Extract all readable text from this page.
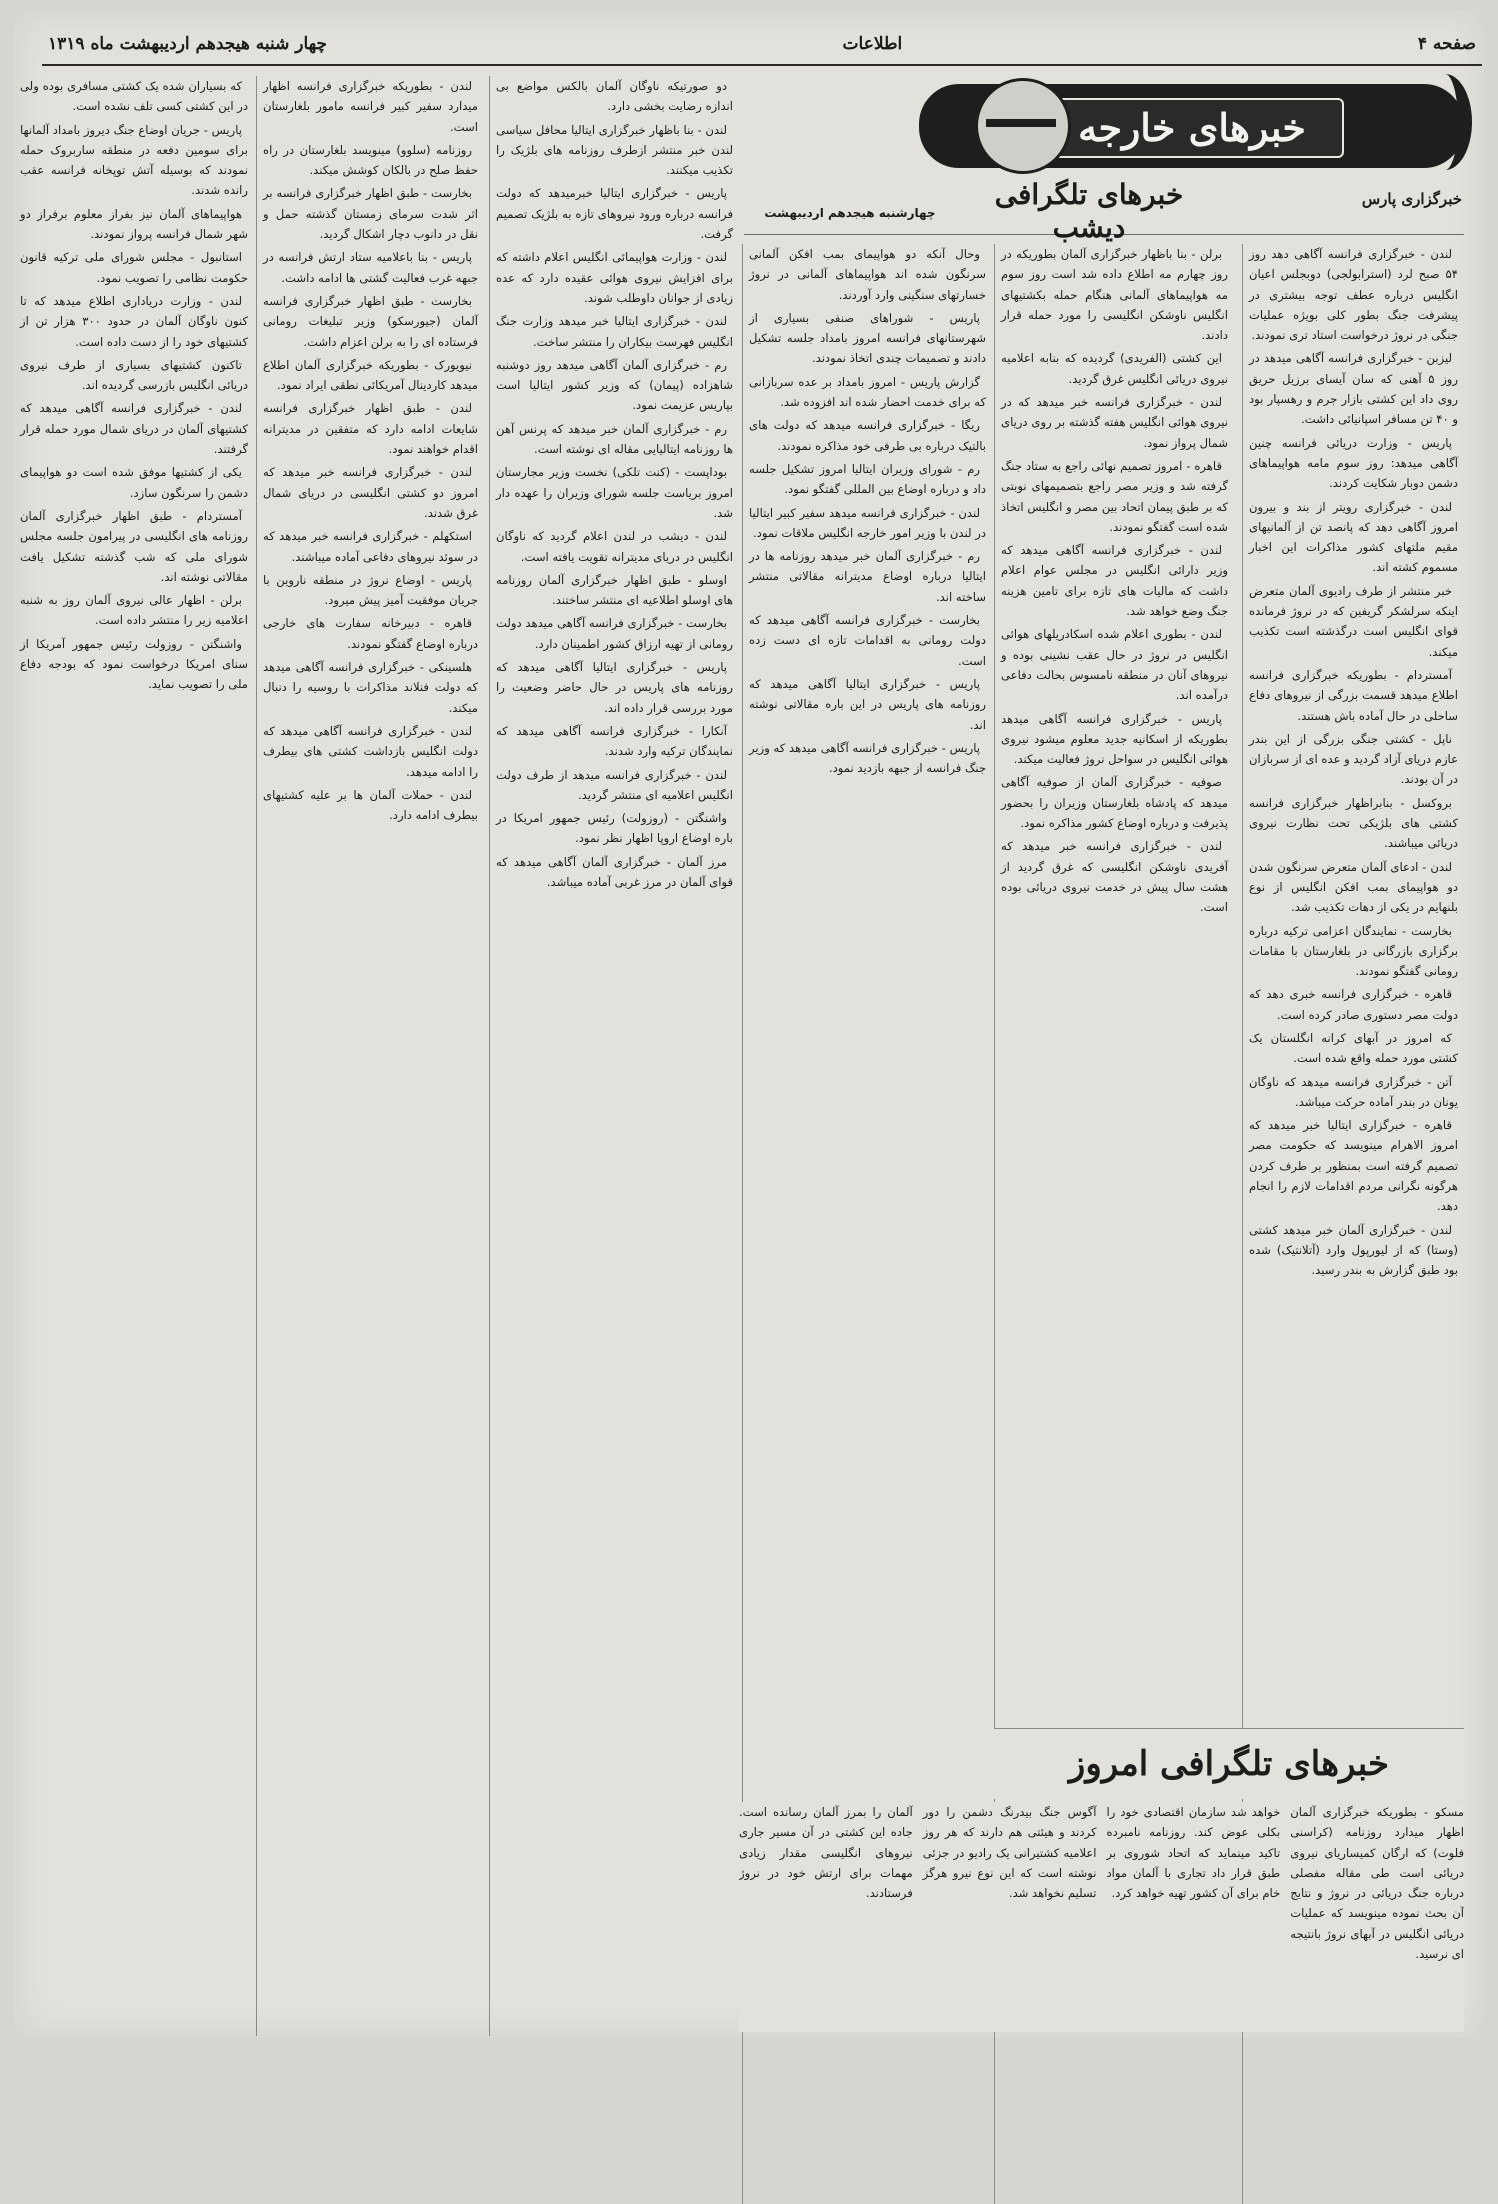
صفحه ۴
اطلاعات
چهار شنبه هیجدهم اردیبهشت ماه ۱۳۱۹
خبرهای خارجه
خبرگزاری پارس
خبرهای تلگرافی دیشب
چهارشنبه هیجدهم اردیبهشت

لندن - خبرگزاری فرانسه آگاهی دهد روز ۵۴ صبح لرد (استرابولجی) دوبجلس اعیان انگلیس درباره عطف توجه بیشتری در پیشرفت جنگ بطور کلی بویژه عملیات جنگی در نروژ درخواست استاد تری نمودند.

لیزبن - خبرگزاری فرانسه آگاهی میدهد در روز ۵ آهنی که سان آیسای برزیل حریق روی داد این کشتی بازار جرم و رهسپار بود و ۴۰ تن مسافر اسپانیائی داشت.

پاریس - وزارت دریائی فرانسه چنین آگاهی میدهد: روز سوم مامه هواپیماهای دشمن دوبار شکایت کردند.

لندن - خبرگزاری رویتر از بند و بیرون امروز آگاهی دهد که پانصد تن از آلمانیهای مقیم ملتهای کشور مذاکرات این اخبار مسموم کشته اند.

خبر منتشر از طرف راديوی آلمان متعرض اینکه سرلشکر گریفین که در نروژ فرمانده قوای انگلیس است درگذشته است تکذیب میکند.

آمستردام - بطوریکه خبرگزاری فرانسه اطلاع میدهد قسمت بزرگی از نیروهای دفاع ساحلی در حال آماده باش هستند.

ناپل - کشتی جنگی بزرگی از این بندر عازم دریای آزاد گردید و عده ای از سربازان در آن بودند.

بروکسل - بنابراظهار خبرگزاری فرانسه کشتی های بلژیکی تحت نظارت نیروی دریائی میباشند.

لندن - ادعای آلمان متعرض سرنگون شدن دو هواپیمای بمب افکن انگلیس از نوع بلنهایم در یکی از دهات تکذیب شد.

بخارست - نمایندگان اعزامی ترکیه درباره برگزاری بازرگانی در بلغارستان با مقامات رومانی گفتگو نمودند.

قاهره - خبرگزاری فرانسه خبری دهد که دولت مصر دستوری صادر کرده است.

که امروز در آبهای کرانه انگلستان یک کشتی مورد حمله واقع شده است.

آتن - خبرگزاری فرانسه میدهد که ناوگان یونان در بندر آماده حرکت میباشد.

قاهره - خبرگزاری ایتالیا خبر میدهد که امروز الاهرام مینویسد که حکومت مصر تصمیم گرفته است بمنظور بر طرف کردن هرگونه نگرانی مردم اقدامات لازم را انجام دهد.

لندن - خبرگزاری آلمان خبر میدهد کشتی (وستا) که از لیورپول وارد (آتلانتیک) شده بود طبق گزارش به بندر رسید.

برلن - بنا باظهار خبرگزاری آلمان بطوریکه در روز چهارم مه اطلاع داده شد است روز سوم مه هواپیماهای آلمانی هنگام حمله بکشتیهای انگلیس ناوشکن انگلیسی را مورد حمله قرار دادند.

این کشتی (الفریدی) گردیده که بنابه اعلامیه نیروی دریائی انگلیس غرق گردید.

لندن - خبرگزاری فرانسه خبر میدهد که در نیروی هوائی انگلیس هفته گذشته بر روی دریای شمال پرواز نمود.

قاهره - امروز تصمیم نهائی راجع به ستاد جنگ گرفته شد و وزیر مصر راجع بتصمیمهای نوبتی که بر طبق پیمان اتحاد بین مصر و انگلیس اتخاذ شده است گفتگو نمودند.

لندن - خبرگزاری فرانسه آگاهی میدهد که وزیر دارائی انگلیس در مجلس عوام اعلام داشت که مالیات های تازه برای تامین هزینه جنگ وضع خواهد شد.

لندن - بطوری اعلام شده اسکادریلهای هوائی انگلیس در نروژ در حال عقب نشینی بوده و نیروهای آنان در منطقه نامسوس بحالت دفاعی درآمده اند.

پاریس - خبرگزاری فرانسه آگاهی میدهد بطوریکه از اسکانیه جدید معلوم میشود نیروی هوائی انگلیس در سواحل نروژ فعالیت میکند.

صوفیه - خبرگزاری آلمان از صوفیه آگاهی میدهد که پادشاه بلغارستان وزیران را بحضور پذیرفت و درباره اوضاع کشور مذاکره نمود.

لندن - خبرگزاری فرانسه خبر میدهد که آفریدی ناوشکن انگلیسی که غرق گردید از هشت سال پیش در خدمت نیروی دریائی بوده است.

وحال آنکه دو هواپیمای بمب افکن آلمانی سرنگون شده اند هواپیماهای آلمانی در نروژ خسارتهای سنگینی وارد آوردند.

پاریس - شوراهای صنفی بسیاری از شهرستانهای فرانسه امروز بامداد جلسه تشکیل دادند و تصمیمات چندی اتخاذ نمودند.

گزارش پاریس - امروز بامداد بر عده سربازانی که برای خدمت احضار شده اند افزوده شد.

ریگا - خبرگزاری فرانسه میدهد که دولت های بالتیک درباره بی طرفی خود مذاکره نمودند.

رم - شورای وزیران ایتالیا امروز تشکیل جلسه داد و درباره اوضاع بین المللی گفتگو نمود.

لندن - خبرگزاری فرانسه میدهد سفیر کبیر ایتالیا در لندن با وزیر امور خارجه انگلیس ملاقات نمود.

رم - خبرگزاری آلمان خبر میدهد روزنامه ها در ایتالیا درباره اوضاع مدیترانه مقالاتی منتشر ساخته اند.

بخارست - خبرگزاری فرانسه آگاهی میدهد که دولت رومانی به اقدامات تازه ای دست زده است.

پاریس - خبرگزاری ایتالیا آگاهی میدهد که روزنامه های پاریس در این باره مقالاتی نوشته اند.

پاریس - خبرگزاری فرانسه آگاهی میدهد که وزیر جنگ فرانسه از جبهه بازدید نمود.

دو صورتیکه ناوگان آلمان بالکس مواضع بی اندازه رضایت بخشی دارد.

لندن - بنا باظهار خبرگزاری ایتالیا محافل سیاسی لندن خبر منتشر ازطرف روزنامه های بلژیک را تکذیب میکنند.

پاریس - خبرگزاری ایتالیا خبرمیدهد که دولت فرانسه درباره ورود نیروهای تازه به بلژیک تصمیم گرفت.

لندن - وزارت هواپیمائی انگلیس اعلام داشته که برای افزایش نیروی هوائی عقیده دارد که عده زیادی از جوانان داوطلب شوند.

لندن - خبرگزاری ایتالیا خبر میدهد وزارت جنگ انگلیس فهرست بیکاران را منتشر ساخت.

رم - خبرگزاری آلمان آگاهی میدهد روز دوشنبه شاهزاده (پیمان) که وزیر کشور ایتالیا است بپاریس عزیمت نمود.

رم - خبرگزاری آلمان خبر میدهد که پرنس آهن ها روزنامه ایتالیایی مقاله ای نوشته است.

بوداپست - (کنت تلکی) نخست وزیر مجارستان امروز بریاست جلسه شورای وزیران را عهده دار شد.

لندن - دیشب در لندن اعلام گردید که ناوگان انگلیس در دریای مدیترانه تقویت یافته است.

اوسلو - طبق اظهار خبرگزاری آلمان روزنامه های اوسلو اطلاعیه ای منتشر ساختند.

بخارست - خبرگزاری فرانسه آگاهی میدهد دولت رومانی از تهیه ارزاق کشور اطمینان دارد.

پاریس - خبرگزاری ایتالیا آگاهی میدهد که روزنامه های پاریس در حال حاضر وضعیت را مورد بررسی قرار داده اند.

آنکارا - خبرگزاری فرانسه آگاهی میدهد که نمایندگان ترکیه وارد شدند.

لندن - خبرگزاری فرانسه میدهد از طرف دولت انگلیس اعلامیه ای منتشر گردید.

واشنگتن - (روزولت) رئیس جمهور امریکا در باره اوضاع اروپا اظهار نظر نمود.

مرز آلمان - خبرگزاری آلمان آگاهی میدهد که قوای آلمان در مرز غربی آماده میباشد.

لندن - بطوریکه خبرگزاری فرانسه اظهار میدارد سفیر کبیر فرانسه مامور بلغارستان است.

روزنامه (سلوو) مینویسد بلغارستان در راه حفظ صلح در بالکان کوشش میکند.

بخارست - طبق اظهار خبرگزاری فرانسه بر اثر شدت سرمای زمستان گذشته حمل و نقل در دانوب دچار اشکال گردید.

پاریس - بنا باعلامیه ستاد ارتش فرانسه در جبهه غرب فعالیت گشتی ها ادامه داشت.

بخارست - طبق اظهار خبرگزاری فرانسه آلمان (جیورسکو) وزیر تبلیغات رومانی فرستاده ای را به برلن اعزام داشت.

نیویورک - بطوریکه خبرگزاری آلمان اطلاع میدهد کاردینال آمریکائی نطقی ایراد نمود.

لندن - طبق اظهار خبرگزاری فرانسه شایعات ادامه دارد که متفقین در مدیترانه اقدام خواهند نمود.

لندن - خبرگزاری فرانسه خبر میدهد که امروز دو کشتی انگلیسی در دریای شمال غرق شدند.

استکهلم - خبرگزاری فرانسه خبر میدهد که در سوئد نیروهای دفاعی آماده میباشند.

پاریس - اوضاع نروژ در منطقه ناروین با جریان موفقیت آمیز پیش میرود.

قاهره - دبیرخانه سفارت های خارجی درباره اوضاع گفتگو نمودند.

هلسینکی - خبرگزاری فرانسه آگاهی میدهد که دولت فنلاند مذاکرات با روسیه را دنبال میکند.

لندن - خبرگزاری فرانسه آگاهی میدهد که دولت انگلیس بازداشت کشتی های بیطرف را ادامه میدهد.

لندن - حملات آلمان ها بر علیه کشتیهای بیطرف ادامه دارد.

که بسیاران شده یک کشتی مسافری بوده ولی در این کشتی کسی تلف نشده است.

پاریس - جریان اوضاع جنگ دیروز بامداد آلمانها برای سومین دفعه در منطقه ساربروک حمله نمودند که بوسیله آتش توپخانه فرانسه عقب رانده شدند.

هواپیماهای آلمان نیز بفراز معلوم برفراز دو شهر شمال فرانسه پرواز نمودند.

استانبول - مجلس شورای ملی ترکیه قانون حکومت نظامی را تصویب نمود.

لندن - وزارت دریاداری اطلاع میدهد که تا کنون ناوگان آلمان در حدود ۳۰۰ هزار تن از کشتیهای خود را از دست داده است.

تاکنون کشتیهای بسیاری از طرف نیروی دریائی انگلیس بازرسی گردیده اند.

لندن - خبرگزاری فرانسه آگاهی میدهد که کشتیهای آلمان در دریای شمال مورد حمله قرار گرفتند.

یکی از کشتیها موفق شده است دو هواپیمای دشمن را سرنگون سازد.

آمستردام - طبق اظهار خبرگزاری آلمان روزنامه های انگلیسی در پیرامون جلسه مجلس شورای ملی که شب گذشته تشکیل یافت مقالاتی نوشته اند.

برلن - اظهار عالی نیروی آلمان روز به شنبه اعلامیه زیر را منتشر داده است.

واشنگتن - روزولت رئیس جمهور آمریکا از سنای امریکا درخواست نمود که بودجه دفاع ملی را تصویب نماید.

خبرهای تلگرافی امروز
مسکو - بطوریکه خبرگزاری آلمان اظهار میدارد روزنامه (کراسنی فلوت) که ارگان کمیساریای نیروی دریائی است طی مقاله مفصلی درباره جنگ دریائی در نروژ و نتایج آن بحث نموده مینویسد که عملیات دریائی انگلیس در آبهای نروژ بانتیجه ای نرسید.
خواهد شد سازمان اقتصادی خود را بکلی عوض کند. روزنامه نامبرده تاکید مینماید که اتحاد شوروی بر طبق قرار داد تجاری با آلمان مواد خام برای آن کشور تهیه خواهد کرد.
آگوس جنگ بیدرنگ دشمن را دور کردند و هیئتی هم دارند که هر روز اعلامیه کشتیرانی یک رادیو در جزئی نوشته است که این نوع نیرو هرگز تسلیم نخواهد شد.
آلمان را بمرز آلمان رسانده است. جاده این کشتی در آن مسیر جاری نیروهای انگلیسی مقدار زیادی مهمات برای ارتش خود در نروژ فرستادند.
